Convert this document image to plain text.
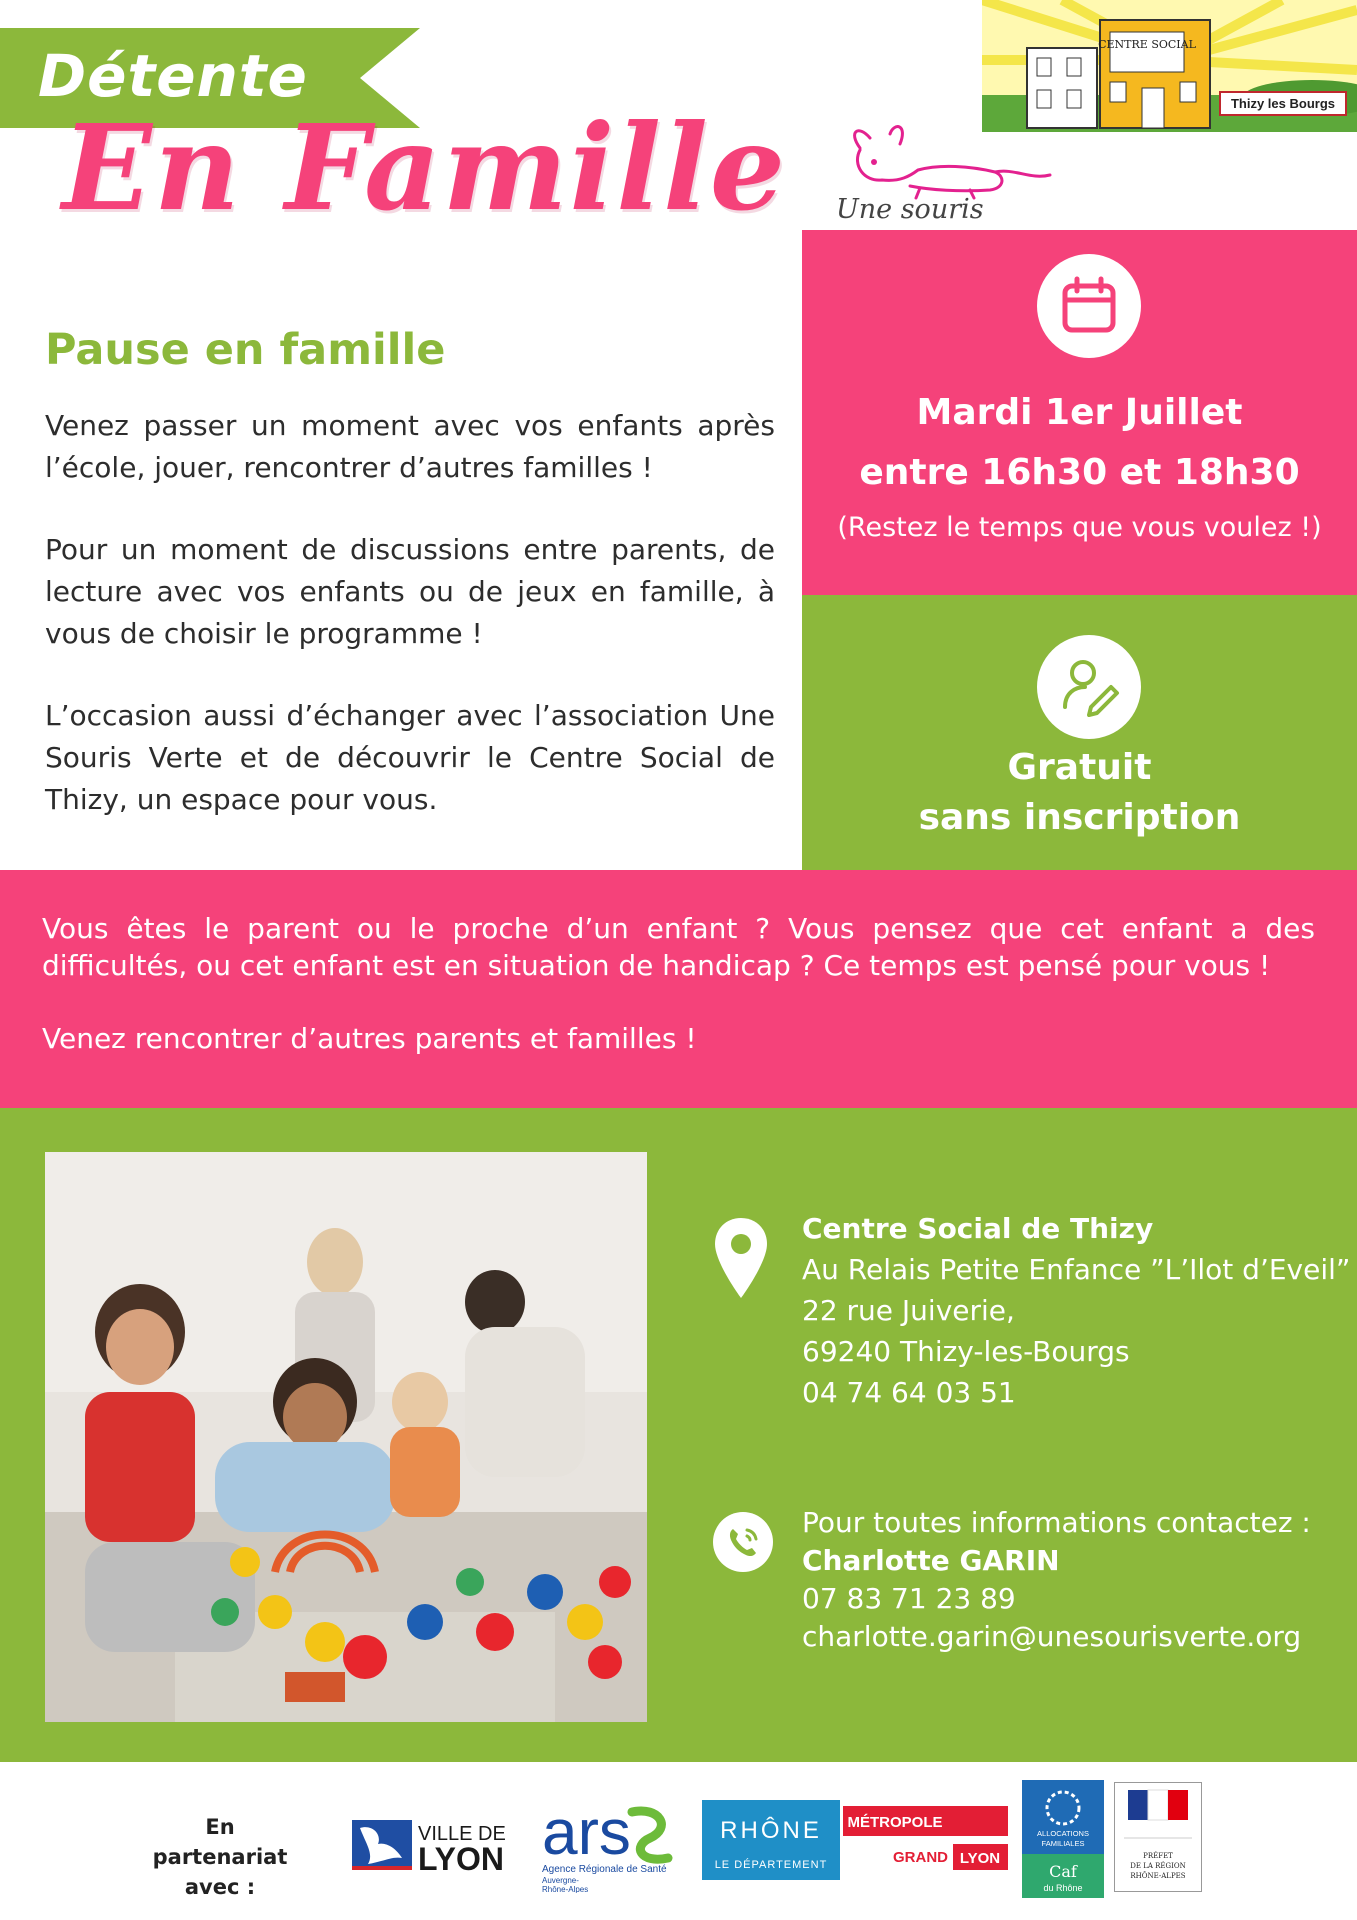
Détente
En Famille
CENTRE SOCIAL
Thizy les Bourgs
Une souris
Pause en famille

Venez passer un moment avec vos enfants après l’école, jouer, rencontrer d’autres familles !

Pour un moment de discussions entre parents, de lecture avec vos enfants ou de jeux en famille, à vous de choisir le programme !

L’occasion aussi d’échanger avec l’association Une Souris Verte et de découvrir le Centre Social de Thizy, un espace pour vous.

Mardi 1er Juillet
entre 16h30 et 18h30
(Restez le temps que vous voulez !)
Gratuit
sans inscription

Vous êtes le parent ou le proche d’un enfant ? Vous pensez que cet enfant a des difficultés, ou cet enfant est en situation de handicap ? Ce temps est pensé pour vous !

Venez rencontrer d’autres parents et familles !

Centre Social de Thizy
Au Relais Petite Enfance ”L’Ilot d’Eveil”
22 rue Juiverie,
69240 Thizy-les-Bourgs
04 74 64 03 51
Pour toutes informations contactez :
Charlotte GARIN
07 83 71 23 89
charlotte.garin@unesourisverte.org
En partenariat
avec :
VILLE DE
LYON ars
Agence Régionale de Santé
Auvergne-
Rhône-Alpes
RHÔNE
LE DÉPARTEMENT
MÉTROPOLE
GRAND LYON
ALLOCATIONS
FAMILIALES
Caf
du Rhône
PRÉFET
DE LA RÉGION
RHÔNE-ALPES
